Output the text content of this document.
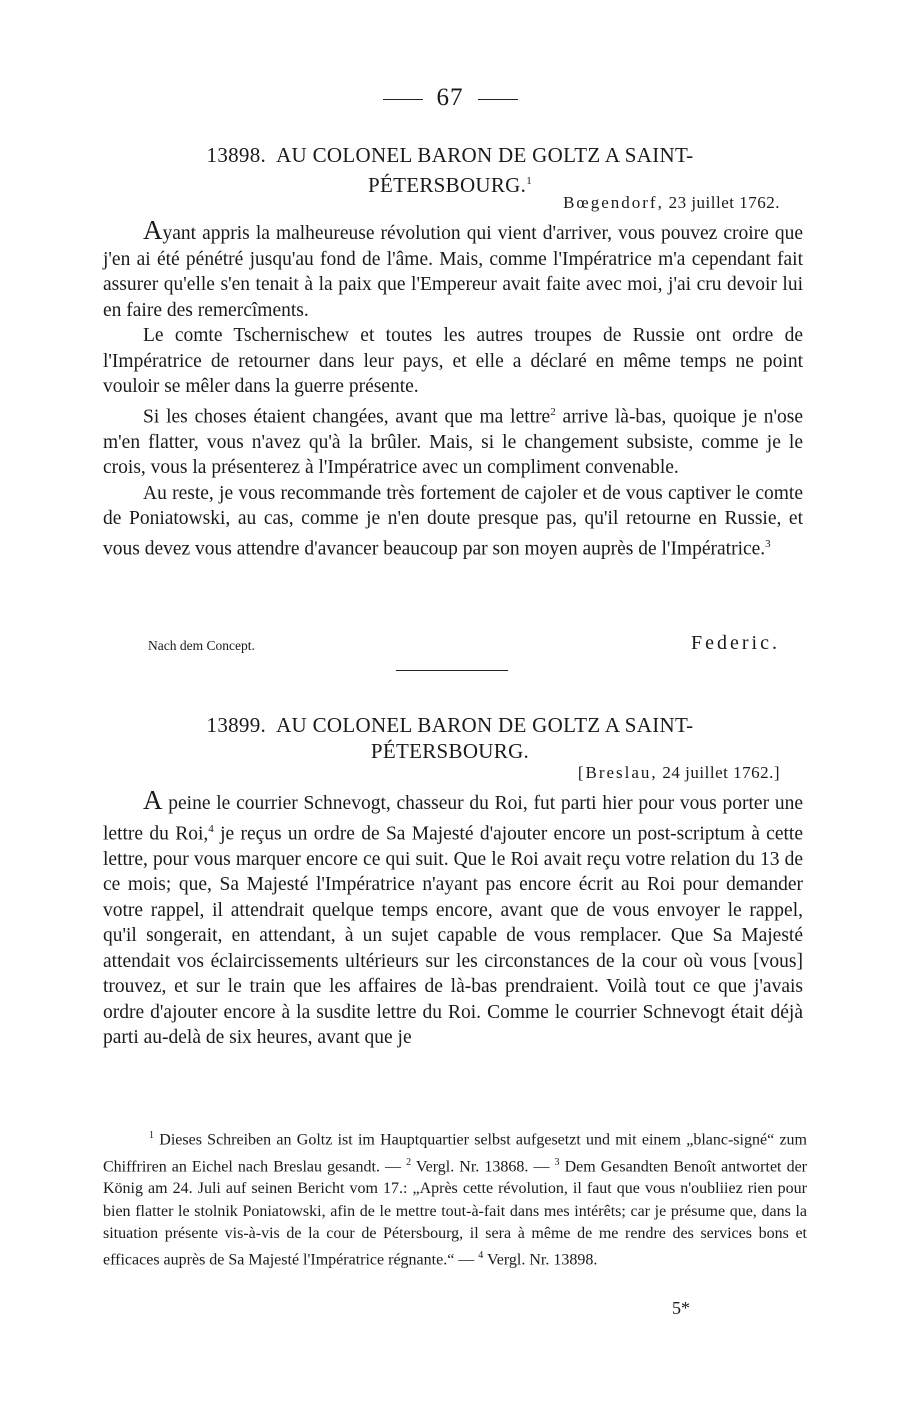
67
13898. AU COLONEL BARON DE GOLTZ A SAINT-
PÉTERSBOURG.$^1$
Bœgendorf, 23 juillet 1762.

Ayant appris la malheureuse révolution qui vient d'arriver, vous pouvez croire que j'en ai été pénétré jusqu'au fond de l'âme. Mais, comme l'Impératrice m'a cependant fait assurer qu'elle s'en tenait à la paix que l'Empereur avait faite avec moi, j'ai cru devoir lui en faire des remercîments.

Le comte Tschernischew et toutes les autres troupes de Russie ont ordre de l'Impératrice de retourner dans leur pays, et elle a déclaré en même temps ne point vouloir se mêler dans la guerre présente.

Si les choses étaient changées, avant que ma lettre$^2$ arrive là-bas, quoique je n'ose m'en flatter, vous n'avez qu'à la brûler. Mais, si le changement subsiste, comme je le crois, vous la présenterez à l'Impératrice avec un compliment convenable.

Au reste, je vous recommande très fortement de cajoler et de vous captiver le comte de Poniatowski, au cas, comme je n'en doute presque pas, qu'il retourne en Russie, et vous devez vous attendre d'avancer beaucoup par son moyen auprès de l'Impératrice.$^3$

Nach dem Concept.	Federic.
13899. AU COLONEL BARON DE GOLTZ A SAINT-
PÉTERSBOURG.
[Breslau, 24 juillet 1762.]

A peine le courrier Schnevogt, chasseur du Roi, fut parti hier pour vous porter une lettre du Roi,$^4$ je reçus un ordre de Sa Majesté d'ajouter encore un post-scriptum à cette lettre, pour vous marquer encore ce qui suit. Que le Roi avait reçu votre relation du 13 de ce mois; que, Sa Majesté l'Impératrice n'ayant pas encore écrit au Roi pour demander votre rappel, il attendrait quelque temps encore, avant que de vous envoyer le rappel, qu'il songerait, en attendant, à un sujet capable de vous remplacer. Que Sa Majesté attendait vos éclaircissements ultérieurs sur les circonstances de la cour où vous [vous] trouvez, et sur le train que les affaires de là-bas prendraient. Voilà tout ce que j'avais ordre d'ajouter encore à la susdite lettre du Roi. Comme le courrier Schnevogt était déjà parti au-delà de six heures, avant que je

$^1$ Dieses Schreiben an Goltz ist im Hauptquartier selbst aufgesetzt und mit einem „blanc-signé“ zum Chiffriren an Eichel nach Breslau gesandt. — $^2$ Vergl. Nr. 13868. — $^3$ Dem Gesandten Benoît antwortet der König am 24. Juli auf seinen Bericht vom 17.: „Après cette révolution, il faut que vous n'oubliiez rien pour bien flatter le stolnik Poniatowski, afin de le mettre tout-à-fait dans mes intérêts; car je présume que, dans la situation présente vis-à-vis de la cour de Pétersbourg, il sera à même de me rendre des services bons et efficaces auprès de Sa Majesté l'Impératrice régnante.“ — $^4$ Vergl. Nr. 13898.

5*
